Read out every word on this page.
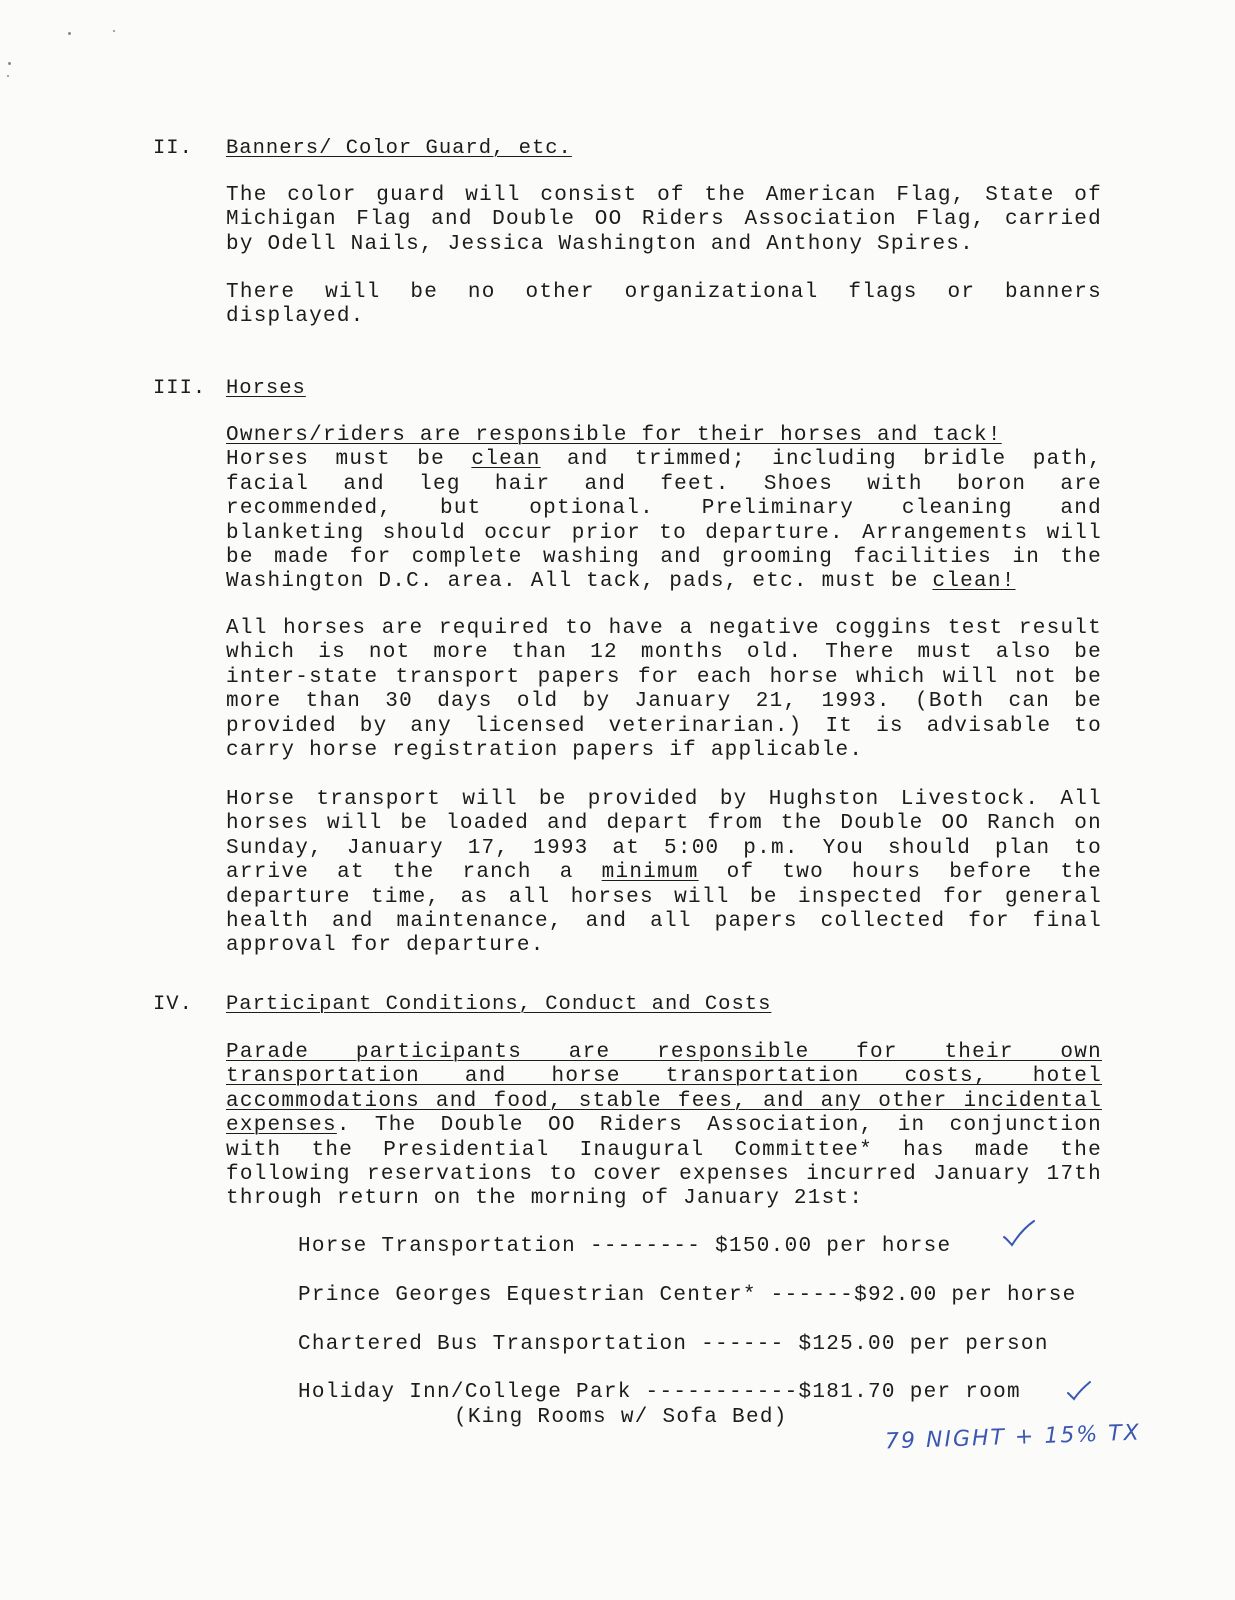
II. Banners/ Color Guard, etc.
The color guard will consist of the American Flag, State of
Michigan Flag and Double OO Riders Association Flag, carried
by Odell Nails, Jessica Washington and Anthony Spires.
There will be no other organizational flags or banners
displayed.
III. Horses
Owners/riders are responsible for their horses and tack!
Horses must be clean and trimmed; including bridle path,
facial and leg hair and feet. Shoes with boron are
recommended, but optional. Preliminary cleaning and
blanketing should occur prior to departure. Arrangements will
be made for complete washing and grooming facilities in the
Washington D.C. area. All tack, pads, etc. must be clean!
All horses are required to have a negative coggins test result
which is not more than 12 months old. There must also be
inter-state transport papers for each horse which will not be
more than 30 days old by January 21, 1993. (Both can be
provided by any licensed veterinarian.) It is advisable to
carry horse registration papers if applicable.
Horse transport will be provided by Hughston Livestock. All
horses will be loaded and depart from the Double OO Ranch on
Sunday, January 17, 1993 at 5:00 p.m. You should plan to
arrive at the ranch a minimum of two hours before the
departure time, as all horses will be inspected for general
health and maintenance, and all papers collected for final
approval for departure.
IV. Participant Conditions, Conduct and Costs
Parade participants are responsible for their own
transportation and horse transportation costs, hotel
accommodations and food, stable fees, and any other incidental
expenses. The Double OO Riders Association, in conjunction
with the Presidential Inaugural Committee* has made the
following reservations to cover expenses incurred January 17th
through return on the morning of January 21st:
Horse Transportation -------- $150.00 per horse
Prince Georges Equestrian Center* ------$92.00 per horse
Chartered Bus Transportation ------ $125.00 per person
Holiday Inn/College Park -----------$181.70 per room
(King Rooms w/ Sofa Bed)
79 NIGHT + 15% TX
